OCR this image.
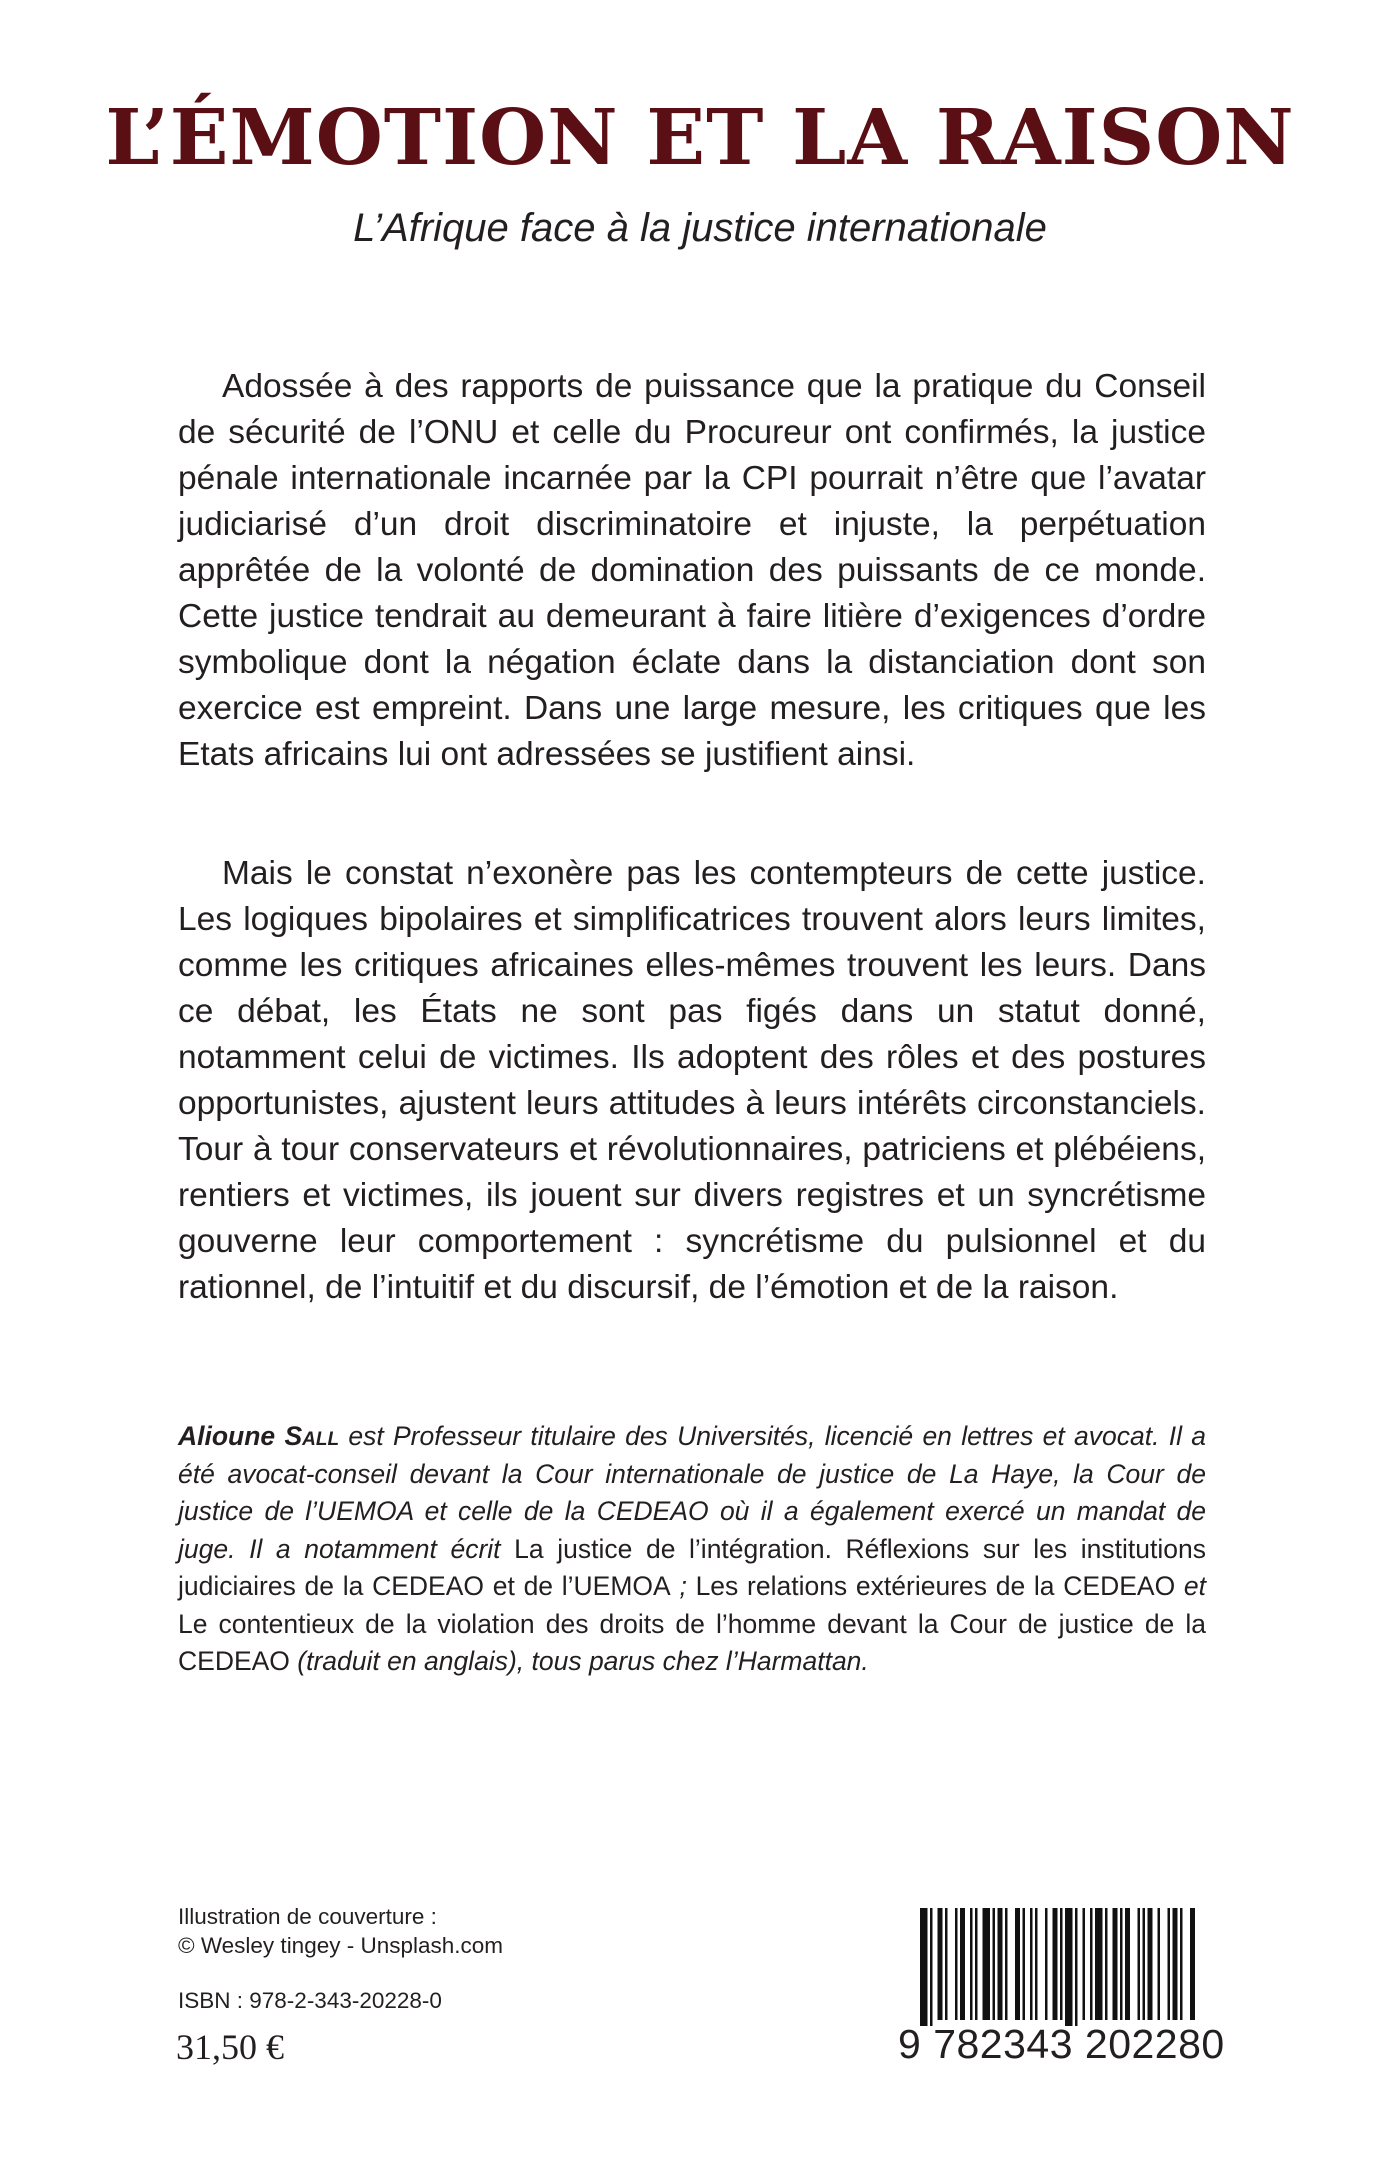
L’ÉMOTION ET LA RAISON
L’Afrique face à la justice internationale

Adossée à des rapports de puissance que la pratique du Conseil de sécurité de l’ONU et celle du Procureur ont confirmés, la justice pénale internationale incarnée par la CPI pourrait n’être que l’avatar judiciarisé d’un droit discriminatoire et injuste, la perpétuation apprêtée de la volonté de domination des puissants de ce monde. Cette justice tendrait au demeurant à faire litière d’exigences d’ordre symbolique dont la négation éclate dans la distanciation dont son exercice est empreint. Dans une large mesure, les critiques que les Etats africains lui ont adressées se justifient ainsi.

Mais le constat n’exonère pas les contempteurs de cette justice. Les logiques bipolaires et simplificatrices trouvent alors leurs limites, comme les critiques africaines elles-mêmes trouvent les leurs. Dans ce débat, les États ne sont pas figés dans un statut donné, notamment celui de victimes. Ils adoptent des rôles et des postures opportunistes, ajustent leurs attitudes à leurs intérêts circonstanciels. Tour à tour conservateurs et révolutionnaires, patriciens et plébéiens, rentiers et victimes, ils jouent sur divers registres et un syncrétisme gouverne leur comportement : syncrétisme du pulsionnel et du rationnel, de l’intuitif et du discursif, de l’émotion et de la raison.

Alioune Sall est Professeur titulaire des Universités, licencié en lettres et avocat. Il a été avocat-conseil devant la Cour internationale de justice de La Haye, la Cour de justice de l’UEMOA et celle de la CEDEAO où il a également exercé un mandat de juge. Il a notamment écrit La justice de l’intégration. Réflexions sur les institutions judiciaires de la CEDEAO et de l’UEMOA ; Les relations extérieures de la CEDEAO et Le contentieux de la violation des droits de l’homme devant la Cour de justice de la CEDEAO (traduit en anglais), tous parus chez l’Harmattan.

Illustration de couverture :
© Wesley tingey - Unsplash.com
ISBN : 978-2-343-20228-0
31,50 €	9 782343 202280
